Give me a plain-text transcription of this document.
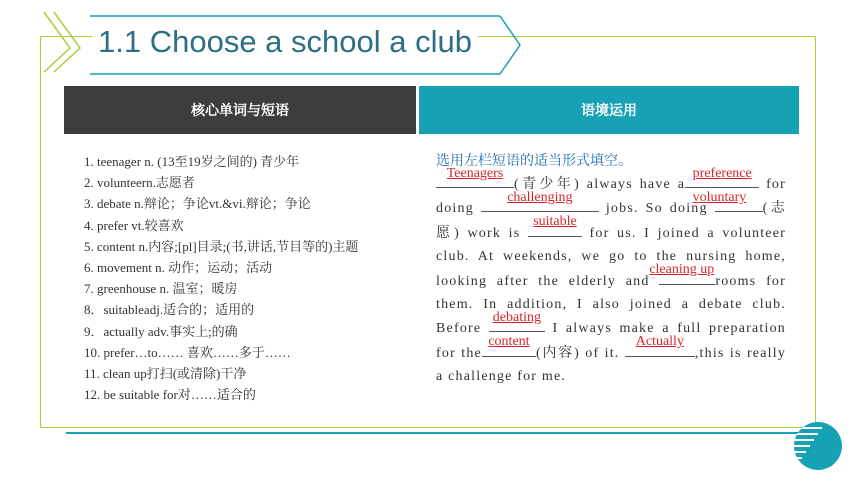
1.1 Choose a school a club
核心单词与短语	语境运用
1. teenager n. (13至19岁之间的) 青少年
2. volunteern.志愿者
3. debate n.辩论；争论vt.&vi.辩论；争论
4. prefer vt.较喜欢
5. content n.内容;[pl]目录;(书,讲话,节目等的)主题
6. movement n. 动作；运动；活动
7. greenhouse n. 温室；暖房
8．suitableadj.适合的；适用的
9．actually adv.事实上;的确
10. prefer…to…… 喜欢……多于……
11. clean up打扫(或清除)干净
12. be suitable for对……适合的
选用左栏短语的适当形式填空。
Teenagers
(青少年) always have a
preference
for doing
challenging
jobs. So doing
voluntary
(志愿) work is
suitable
for us. I joined a volunteer club. At weekends, we go to the nursing home, looking after the elderly and
cleaning up
rooms for them. In addition, I also joined a debate club. Before
debating
I always make a full preparation for the
content
(内容) of it.
Actually
,this is really a challenge for me.
